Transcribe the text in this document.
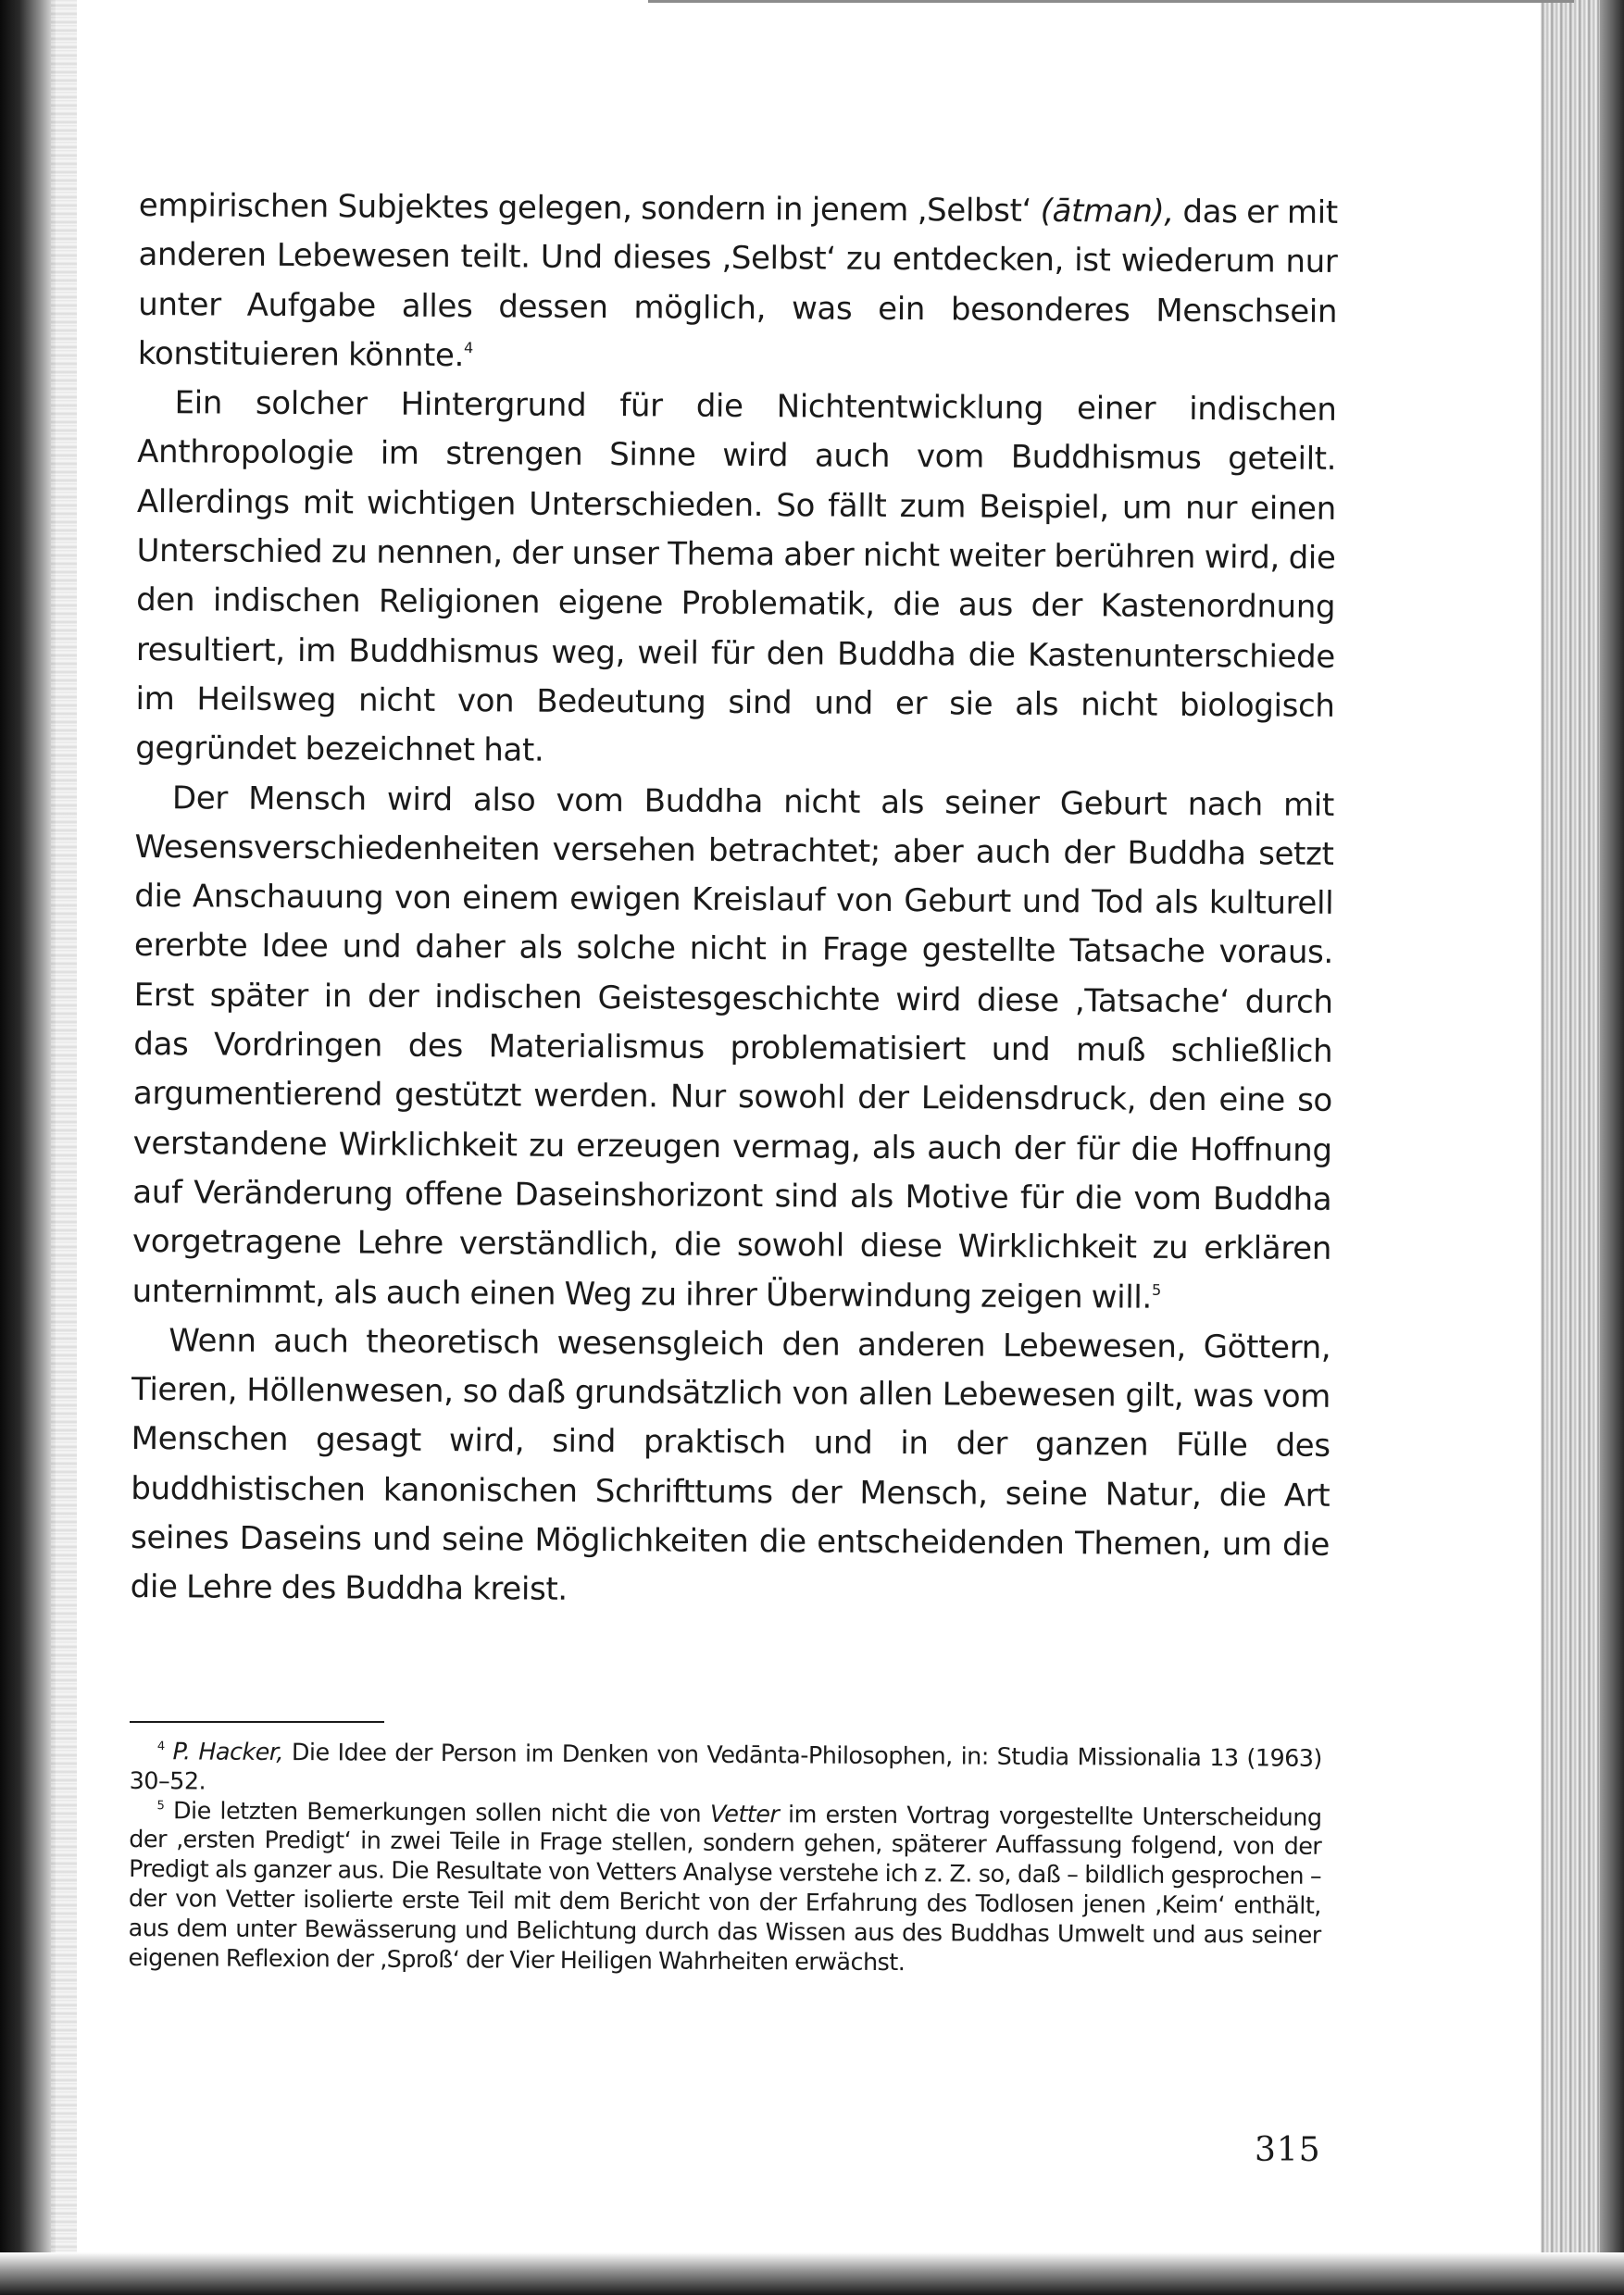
empirischen Subjektes gelegen, sondern in jenem ‚Selbst‘ (ātman), das er mit anderen Lebewesen teilt. Und dieses ‚Selbst‘ zu entdecken, ist wiederum nur unter Aufgabe alles dessen möglich, was ein besonderes Menschsein konstituieren könnte.$^4$

Ein solcher Hintergrund für die Nichtentwicklung einer indischen Anthropologie im strengen Sinne wird auch vom Buddhismus geteilt. Allerdings mit wichtigen Unterschieden. So fällt zum Beispiel, um nur einen Unterschied zu nennen, der unser Thema aber nicht weiter berühren wird, die den indischen Religionen eigene Problematik, die aus der Kastenordnung resultiert, im Buddhismus weg, weil für den Buddha die Kastenunterschiede im Heilsweg nicht von Bedeutung sind und er sie als nicht biologisch gegründet bezeichnet hat.

Der Mensch wird also vom Buddha nicht als seiner Geburt nach mit Wesensverschiedenheiten versehen betrachtet; aber auch der Buddha setzt die Anschauung von einem ewigen Kreislauf von Geburt und Tod als kulturell ererbte Idee und daher als solche nicht in Frage gestellte Tatsache voraus. Erst später in der indischen Geistesgeschichte wird diese ‚Tatsache‘ durch das Vordringen des Materialismus problematisiert und muß schließlich argumentierend gestützt werden. Nur sowohl der Leidensdruck, den eine so verstandene Wirklichkeit zu erzeugen vermag, als auch der für die Hoffnung auf Veränderung offene Daseinshorizont sind als Motive für die vom Buddha vorgetragene Lehre verständlich, die sowohl diese Wirklichkeit zu erklären unternimmt, als auch einen Weg zu ihrer Überwindung zeigen will.$^5$

Wenn auch theoretisch wesensgleich den anderen Lebewesen, Göttern, Tieren, Höllenwesen, so daß grundsätzlich von allen Lebewesen gilt, was vom Menschen gesagt wird, sind praktisch und in der ganzen Fülle des buddhistischen kanonischen Schrifttums der Mensch, seine Natur, die Art seines Daseins und seine Möglichkeiten die entscheidenden Themen, um die die Lehre des Buddha kreist.

$^4$ P. Hacker, Die Idee der Person im Denken von Vedānta-Philosophen, in: Studia Missionalia 13 (1963) 30–52.

$^5$ Die letzten Bemerkungen sollen nicht die von Vetter im ersten Vortrag vorgestellte Unterscheidung der ‚ersten Predigt‘ in zwei Teile in Frage stellen, sondern gehen, späterer Auffassung folgend, von der Predigt als ganzer aus. Die Resultate von Vetters Analyse verstehe ich z. Z. so, daß – bildlich gesprochen – der von Vetter isolierte erste Teil mit dem Bericht von der Erfahrung des Todlosen jenen ‚Keim‘ enthält, aus dem unter Bewässerung und Belichtung durch das Wissen aus des Buddhas Umwelt und aus seiner eigenen Reflexion der ‚Sproß‘ der Vier Heiligen Wahrheiten erwächst.

315
